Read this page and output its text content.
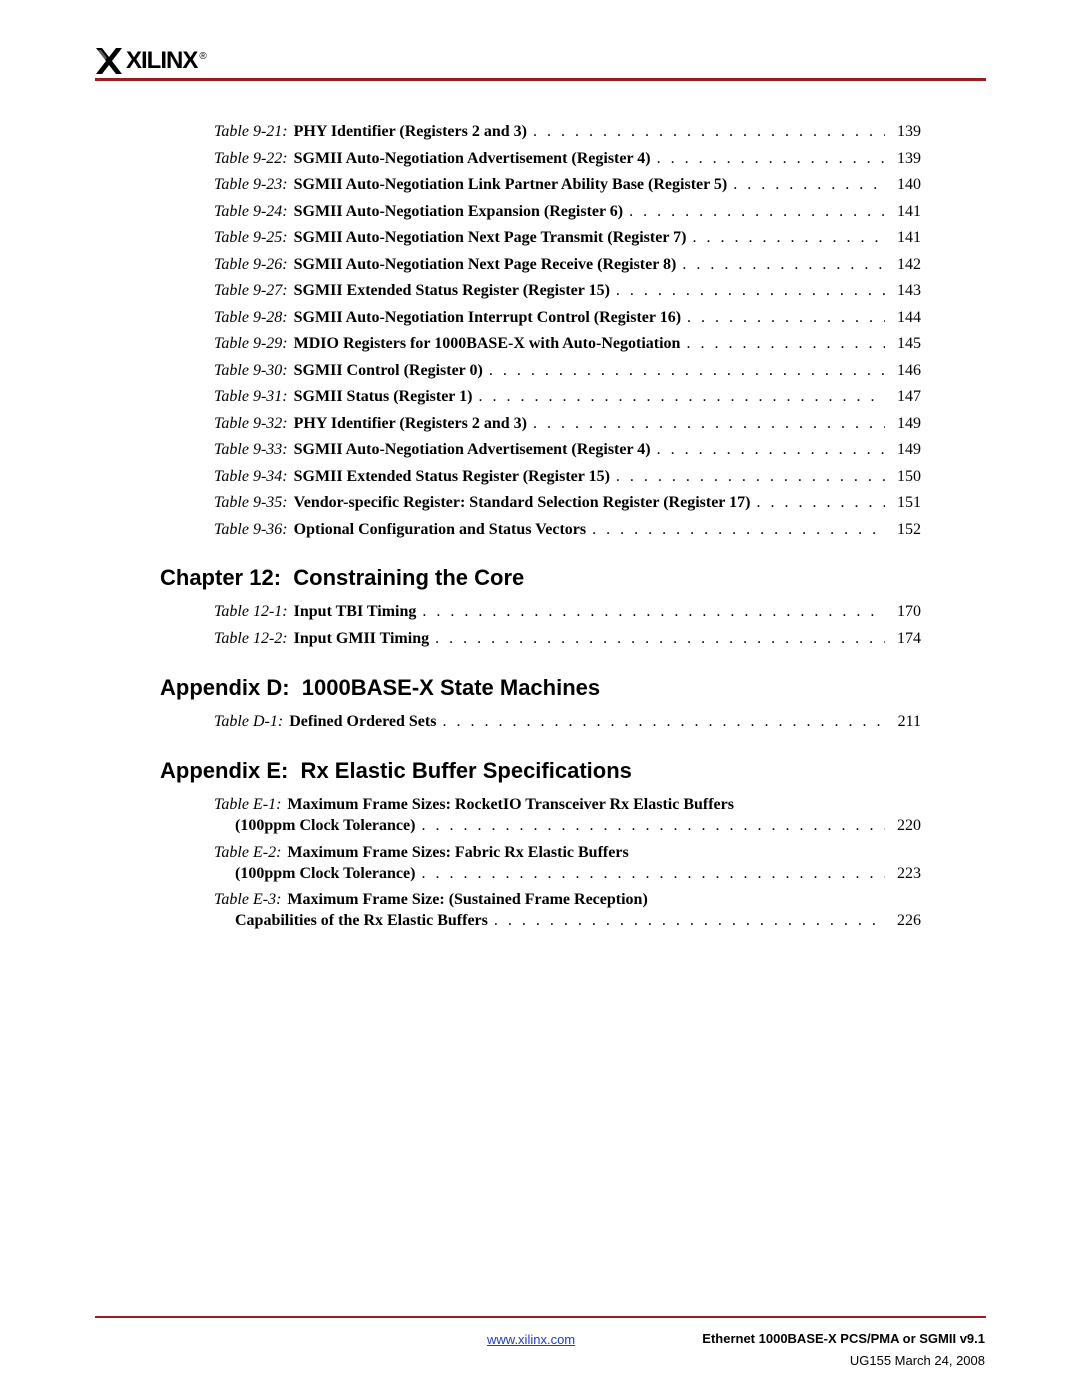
XILINX ®
Table 9-21: PHY Identifier (Registers 2 and 3) . . .	139
Table 9-22: SGMII Auto-Negotiation Advertisement (Register 4) . . .	139
Table 9-23: SGMII Auto-Negotiation Link Partner Ability Base (Register 5) . . .	140
Table 9-24: SGMII Auto-Negotiation Expansion (Register 6) . . .	141
Table 9-25: SGMII Auto-Negotiation Next Page Transmit (Register 7) . . .	141
Table 9-26: SGMII Auto-Negotiation Next Page Receive (Register 8) . . .	142
Table 9-27: SGMII Extended Status Register (Register 15) . . .	143
Table 9-28: SGMII Auto-Negotiation Interrupt Control (Register 16) . . .	144
Table 9-29: MDIO Registers for 1000BASE-X with Auto-Negotiation . . .	145
Table 9-30: SGMII Control (Register 0) . . .	146
Table 9-31: SGMII Status (Register 1) . . .	147
Table 9-32: PHY Identifier (Registers 2 and 3) . . .	149
Table 9-33: SGMII Auto-Negotiation Advertisement (Register 4) . . .	149
Table 9-34: SGMII Extended Status Register (Register 15) . . .	150
Table 9-35: Vendor-specific Register: Standard Selection Register (Register 17) . . .	151
Table 9-36: Optional Configuration and Status Vectors . . .	152
Chapter 12:  Constraining the Core
Table 12-1: Input TBI Timing . . .	170
Table 12-2: Input GMII Timing . . .	174
Appendix D:  1000BASE-X State Machines
Table D-1: Defined Ordered Sets . . .	211
Appendix E:  Rx Elastic Buffer Specifications
Table E-1: Maximum Frame Sizes: RocketIO Transceiver Rx Elastic Buffers
(100ppm Clock Tolerance) . . .	220
Table E-2: Maximum Frame Sizes: Fabric Rx Elastic Buffers
(100ppm Clock Tolerance) . . .	223
Table E-3: Maximum Frame Size: (Sustained Frame Reception)
Capabilities of the Rx Elastic Buffers . . .	226
www.xilinx.com	Ethernet 1000BASE-X PCS/PMA or SGMII v9.1
UG155 March 24, 2008
